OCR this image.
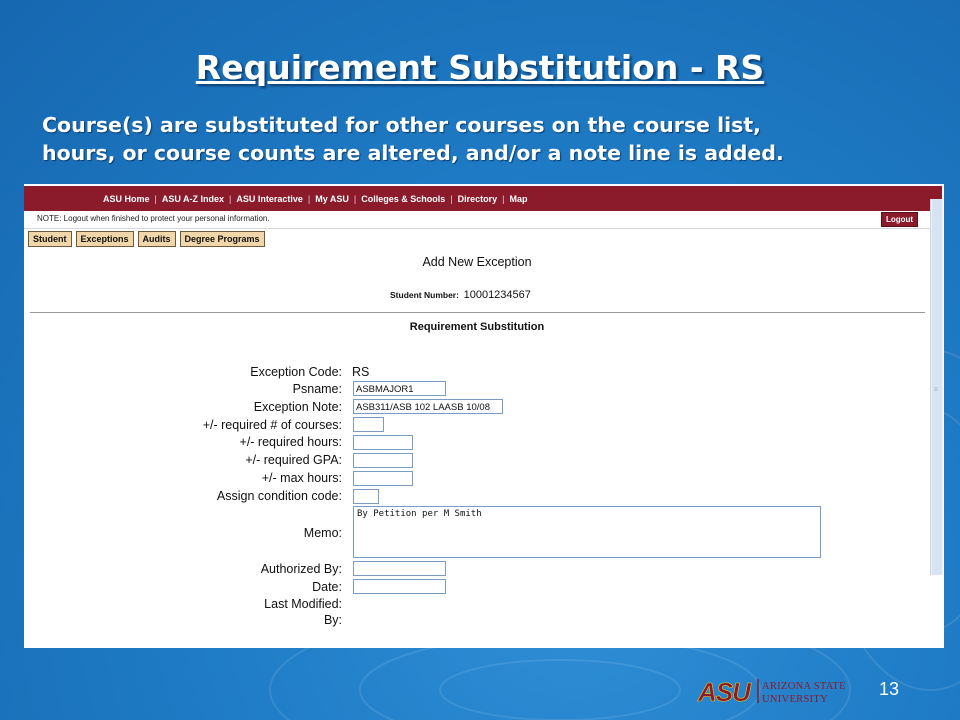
Requirement Substitution - RS
Course(s) are substituted for other courses on the course list,
hours, or course counts are altered, and/or a note line is added.
ASU Home | ASU A-Z Index | ASU Interactive | My ASU | Colleges & Schools | Directory | Map
NOTE: Logout when finished to protect your personal information.	Logout
Student	Exceptions	Audits	Degree Programs
Add New Exception
Student Number: 10001234567
Requirement Substitution
Exception Code: RS
Psname:	ASBMAJOR1
Exception Note:	ASB311/ASB 102 LAASB 10/08
+/- required # of courses:
+/- required hours:
+/- required GPA:
+/- max hours:
Assign condition code:
Memo:
By Petition per M Smith
Authorized By:
Date:
Last Modified:
By:
≡
ASU ARIZONA STATE
UNIVERSITY
13
